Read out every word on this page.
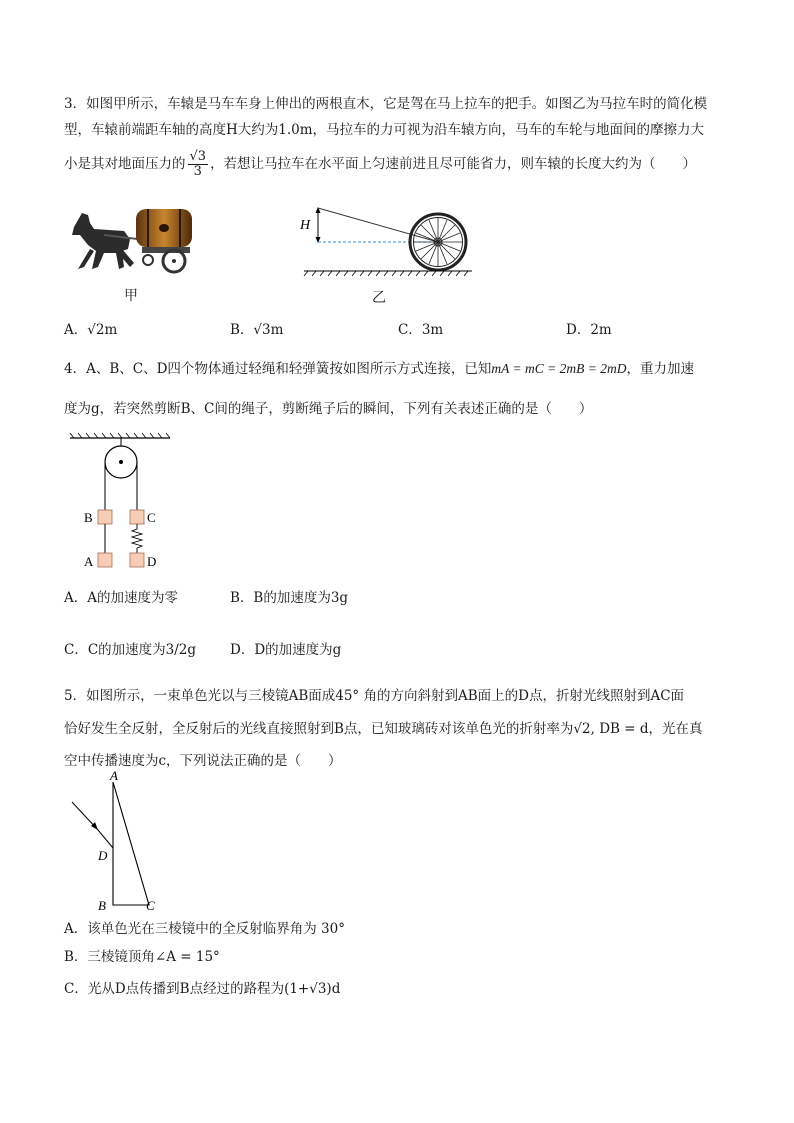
3．如图甲所示，车辕是马车车身上伸出的两根直木，它是驾在马上拉车的把手。如图乙为马拉车时的简化模
型，车辕前端距车轴的高度H大约为1.0m，马拉车的力可视为沿车辕方向，马车的车轮与地面间的摩擦力大
小是其对地面压力的 $\frac{√3}{3}$ ，若想让马拉车在水平面上匀速前进且尽可能省力，则车辕的长度大约为（　　）
甲
H
乙
A．√2m	B．√3m	C．3m	D．2m
4．A、B、C、D四个物体通过轻绳和轻弹簧按如图所示方式连接，已知mA = mC = 2mB = 2mD，重力加速
度为g，若突然剪断B、C间的绳子，剪断绳子后的瞬间，下列有关表述正确的是（　　）
B	C
A	D
A．A的加速度为零	B．B的加速度为3g
C．C的加速度为3/2g	D．D的加速度为g
5．如图所示，一束单色光以与三棱镜AB面成45° 角的方向斜射到AB面上的D点，折射光线照射到AC面
恰好发生全反射，全反射后的光线直接照射到B点，已知玻璃砖对该单色光的折射率为√2, DB = d，光在真
空中传播速度为c，下列说法正确的是（　　）
A
D
B	C
A．该单色光在三棱镜中的全反射临界角为 30°
B．三棱镜顶角∠A = 15°
C．光从D点传播到B点经过的路程为(1+√3)d
